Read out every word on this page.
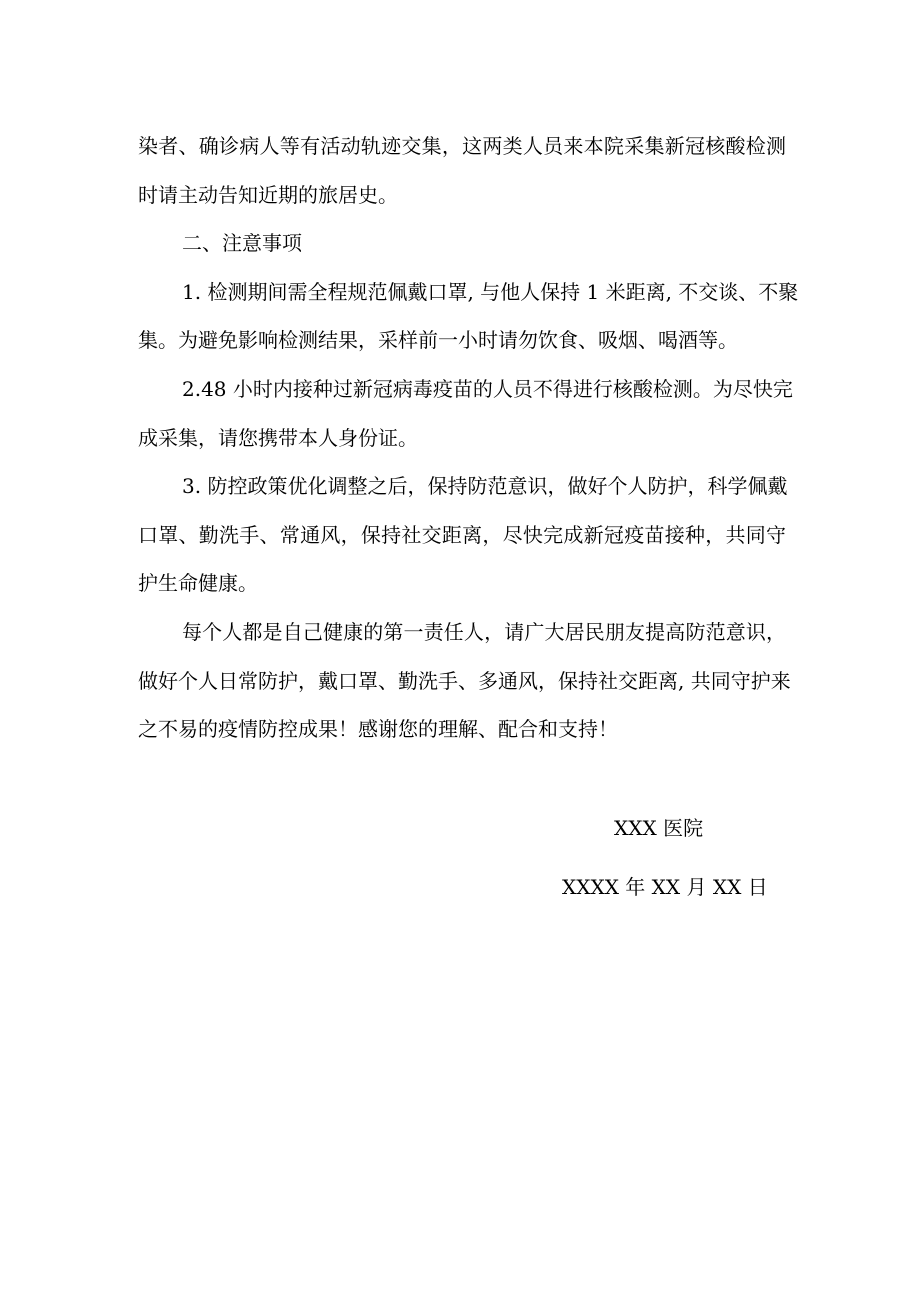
染者、确诊病人等有活动轨迹交集，这两类人员来本院采集新冠核酸检测
时请主动告知近期的旅居史。
二、注意事项
1. 检测期间需全程规范佩戴口罩, 与他人保持 1 米距离, 不交谈、不聚
集。为避免影响检测结果，采样前一小时请勿饮食、吸烟、喝酒等。
2.48 小时内接种过新冠病毒疫苗的人员不得进行核酸检测。为尽快完
成采集，请您携带本人身份证。
3. 防控政策优化调整之后，保持防范意识，做好个人防护，科学佩戴
口罩、勤洗手、常通风，保持社交距离，尽快完成新冠疫苗接种，共同守
护生命健康。
每个人都是自己健康的第一责任人，请广大居民朋友提高防范意识，
做好个人日常防护，戴口罩、勤洗手、多通风，保持社交距离, 共同守护来
之不易的疫情防控成果！感谢您的理解、配合和支持！
XXX 医院
XXXX 年 XX 月 XX 日
